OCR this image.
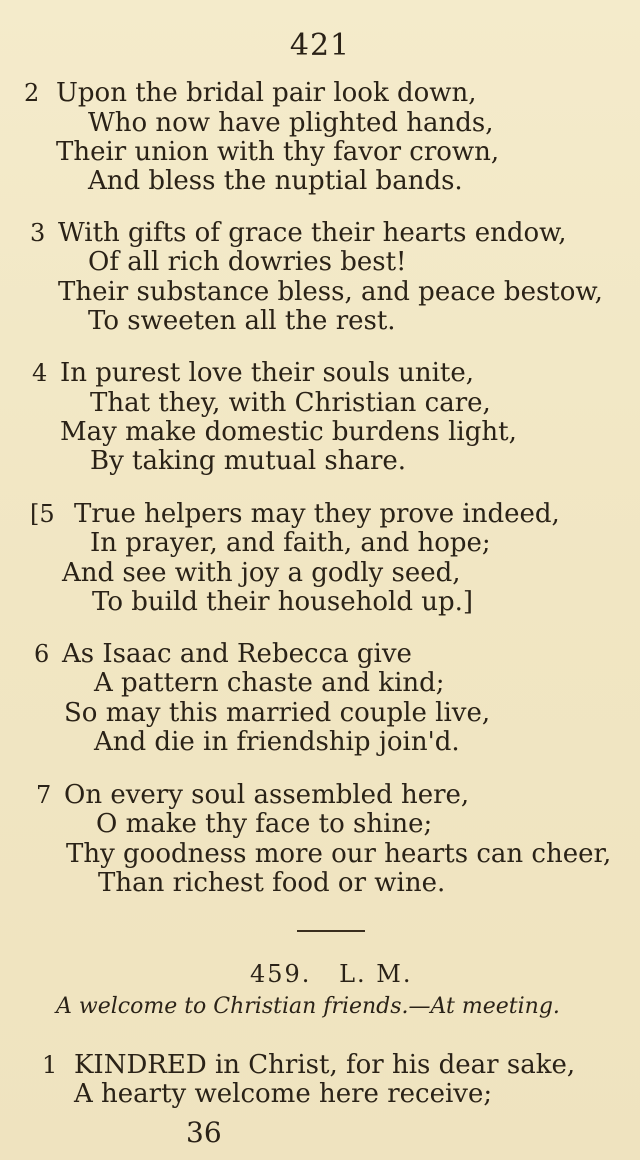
421
2 Upon the bridal pair look down,
Who now have plighted hands,
Their union with thy favor crown,
And bless the nuptial bands.
3 With gifts of grace their hearts endow,
Of all rich dowries best!
Their substance bless, and peace bestow,
To sweeten all the rest.
4 In purest love their souls unite,
That they, with Christian care,
May make domestic burdens light,
By taking mutual share.
[5 True helpers may they prove indeed,
In prayer, and faith, and hope;
And see with joy a godly seed,
To build their household up.]
6 As Isaac and Rebecca give
A pattern chaste and kind;
So may this married couple live,
And die in friendship join'd.
7 On every soul assembled here,
O make thy face to shine;
Thy goodness more our hearts can cheer,
Than richest food or wine.
459. L. M.
A welcome to Christian friends.—At meeting.
1 KINDRED in Christ, for his dear sake,
A hearty welcome here receive;
36
